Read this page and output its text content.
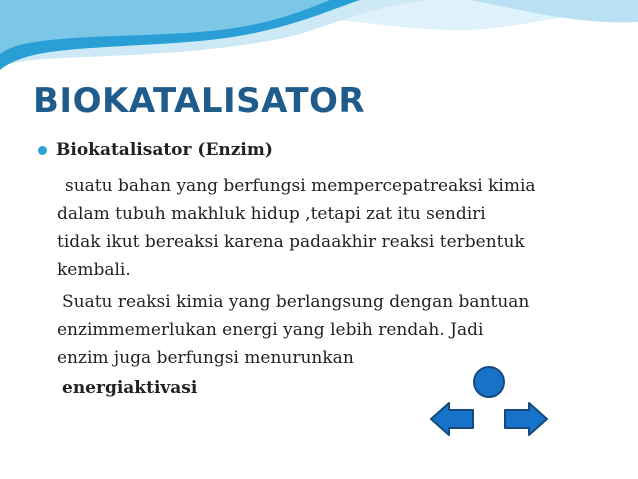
BIOKATALISATOR
Biokatalisator (Enzim)
suatu bahan yang berfungsi mempercepatreaksi kimia
dalam tubuh makhluk hidup ,tetapi zat itu sendiri
tidak ikut bereaksi karena padaakhir reaksi terbentuk
kembali.
Suatu reaksi kimia yang berlangsung dengan bantuan
enzimmemerlukan energi yang lebih rendah. Jadi
enzim juga berfungsi menurunkan
energiaktivasi
